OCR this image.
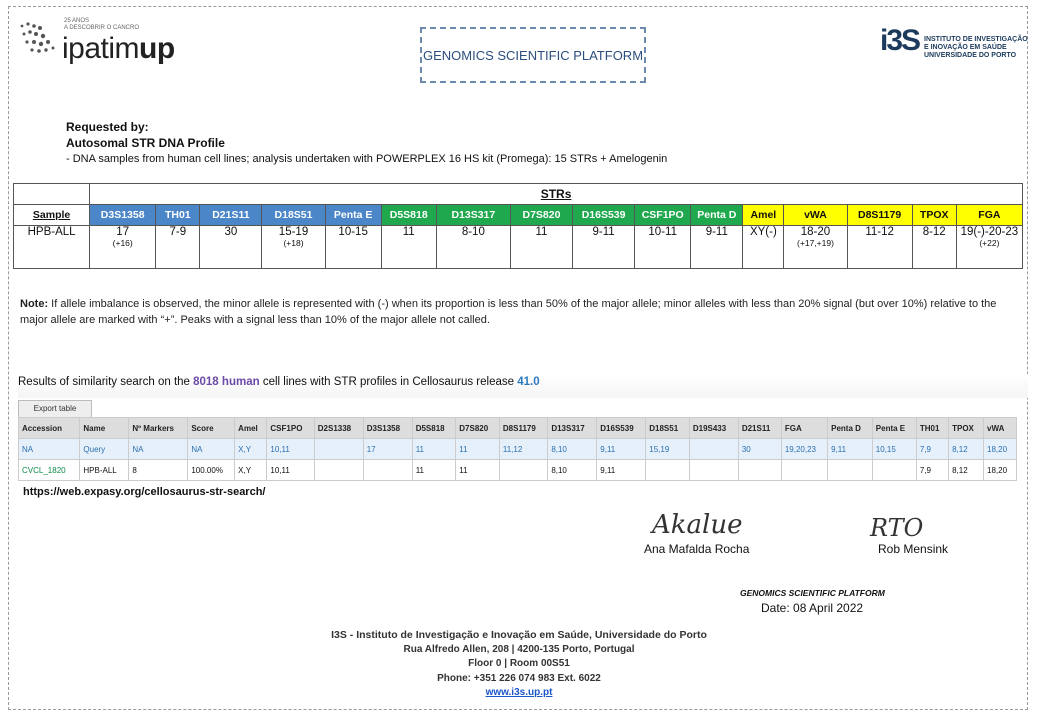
25 ANOS
A DESCOBRIR O CANCRO
ipatimup	GENOMICS SCIENTIFIC PLATFORM	i3S INSTITUTO DE INVESTIGAÇÃO
E INOVAÇÃO EM SAÚDE
UNIVERSIDADE DO PORTO
Requested by:
Autosomal STR DNA Profile
- DNA samples from human cell lines; analysis undertaken with POWERPLEX 16 HS kit (Promega): 15 STRs + Amelogenin
	STRs															
Sample	D3S1358	TH01	D21S11	D18S51	Penta E	D5S818	D13S317	D7S820	D16S539	CSF1PO	Penta D	Amel	vWA	D8S1179	TPOX	FGA
HPB-ALL	17
(+16)	7-9	30	15-19
(+18)	10-15	11	8-10	11	9-11	10-11	9-11	XY(-)	18-20
(+17,+19)	11-12	8-12	19(-)-20-23
(+22)
Note: If allele imbalance is observed, the minor allele is represented with (-) when its proportion is less than 50% of the major allele; minor alleles with less than 20% signal (but over 10%) relative to the major allele are marked with “+”. Peaks with a signal less than 10% of the major allele not called.
Results of similarity search on the 8018 human cell lines with STR profiles in Cellosaurus release 41.0
Export table
Accession	Name	Nº Markers	Score	Amel	CSF1PO	D2S1338	D3S1358	D5S818	D7S820	D8S1179	D13S317	D16S539	D18S51	D19S433	D21S11	FGA	Penta D	Penta E	TH01	TPOX	vWA
NA	Query	NA	NA	X,Y	10,11		17	11	11	11,12	8,10	9,11	15,19		30	19,20,23	9,11	10,15	7,9	8,12	18,20
CVCL_1820	HPB-ALL	8	100.00%	X,Y	10,11			11	11		8,10	9,11							7,9	8,12	18,20
https://web.expasy.org/cellosaurus-str-search/
Akalue	RTO
Ana Mafalda Rocha	Rob Mensink
GENOMICS SCIENTIFIC PLATFORM
Date: 08 April 2022
I3S - Instituto de Investigação e Inovação em Saúde, Universidade do Porto
Rua Alfredo Allen, 208 | 4200-135 Porto, Portugal
Floor 0 | Room 00S51
Phone: +351 226 074 983 Ext. 6022
www.i3s.up.pt
